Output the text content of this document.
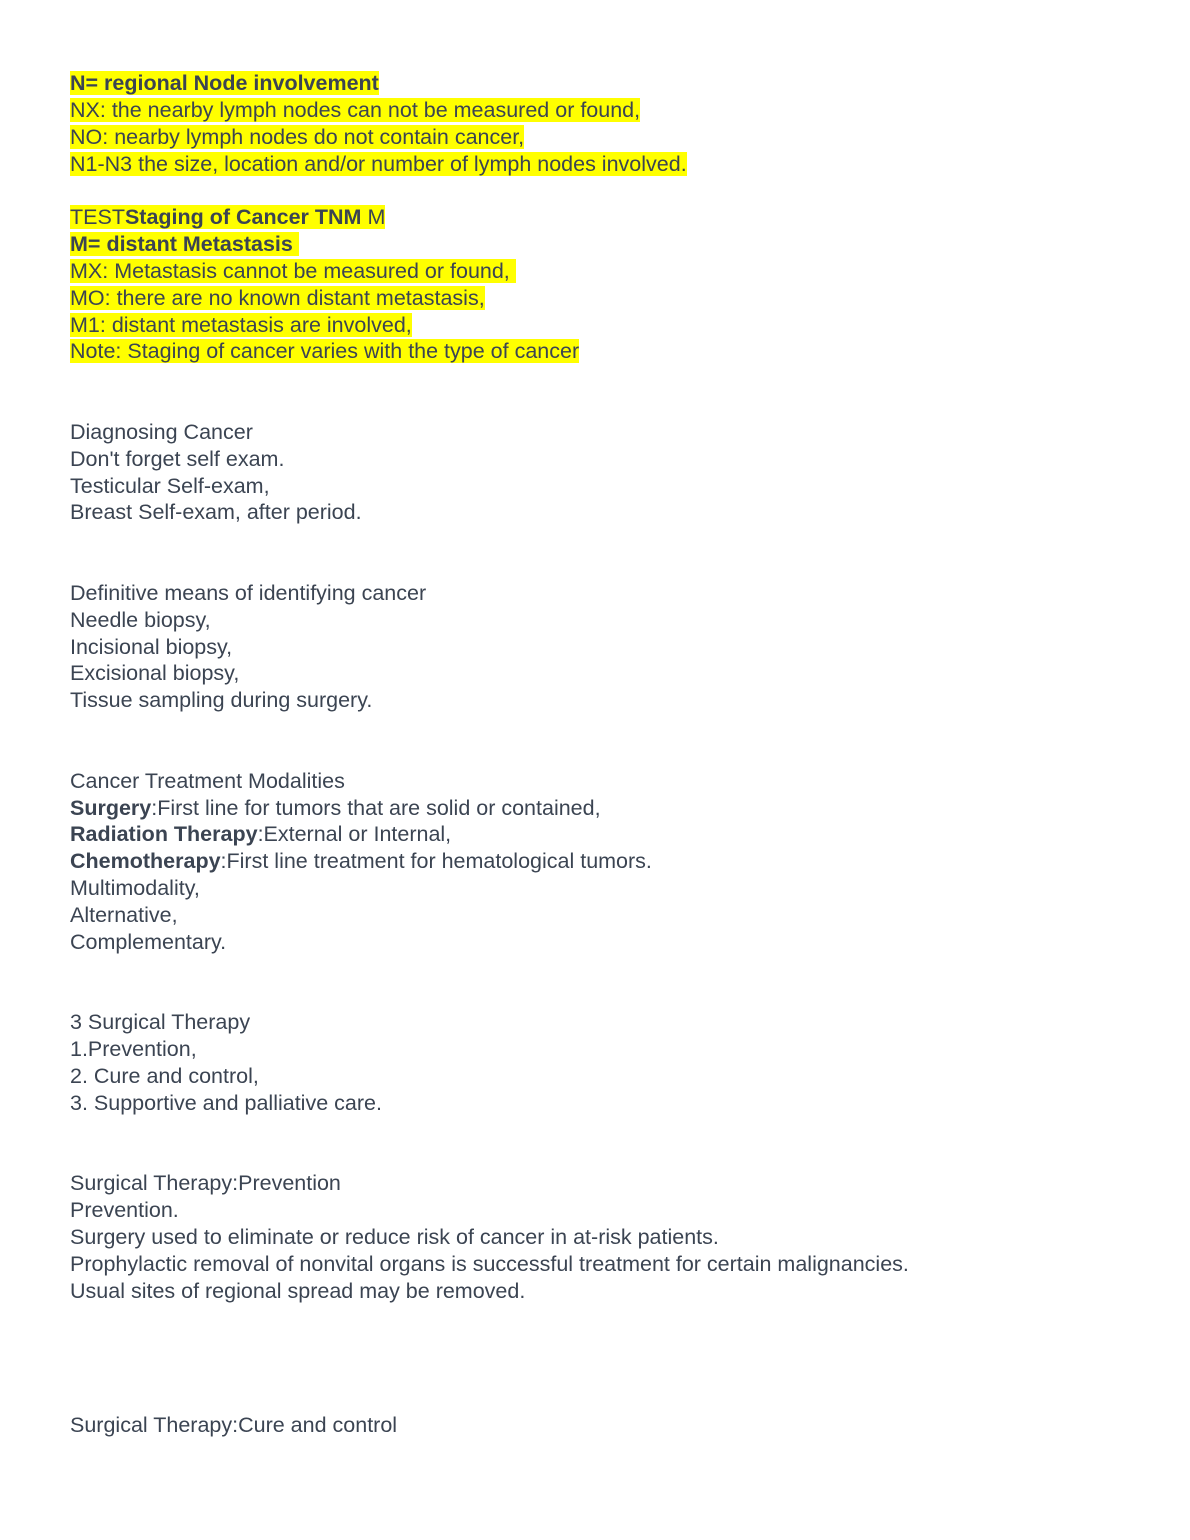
N= regional Node involvement
NX: the nearby lymph nodes can not be measured or found,
NO: nearby lymph nodes do not contain cancer,
N1-N3 the size, location and/or number of lymph nodes involved.
TESTStaging of Cancer TNM M
M= distant Metastasis
MX: Metastasis cannot be measured or found,
MO: there are no known distant metastasis,
M1: distant metastasis are involved,
Note: Staging of cancer varies with the type of cancer
Diagnosing Cancer
Don't forget self exam.
Testicular Self-exam,
Breast Self-exam, after period.
Definitive means of identifying cancer
Needle biopsy,
Incisional biopsy,
Excisional biopsy,
Tissue sampling during surgery.
Cancer Treatment Modalities
Surgery:First line for tumors that are solid or contained,
Radiation Therapy:External or Internal,
Chemotherapy:First line treatment for hematological tumors.
Multimodality,
Alternative,
Complementary.
3 Surgical Therapy
1.Prevention,
2. Cure and control,
3. Supportive and palliative care.
Surgical Therapy:Prevention
Prevention.
Surgery used to eliminate or reduce risk of cancer in at-risk patients.
Prophylactic removal of nonvital organs is successful treatment for certain malignancies.
Usual sites of regional spread may be removed.
Surgical Therapy:Cure and control
